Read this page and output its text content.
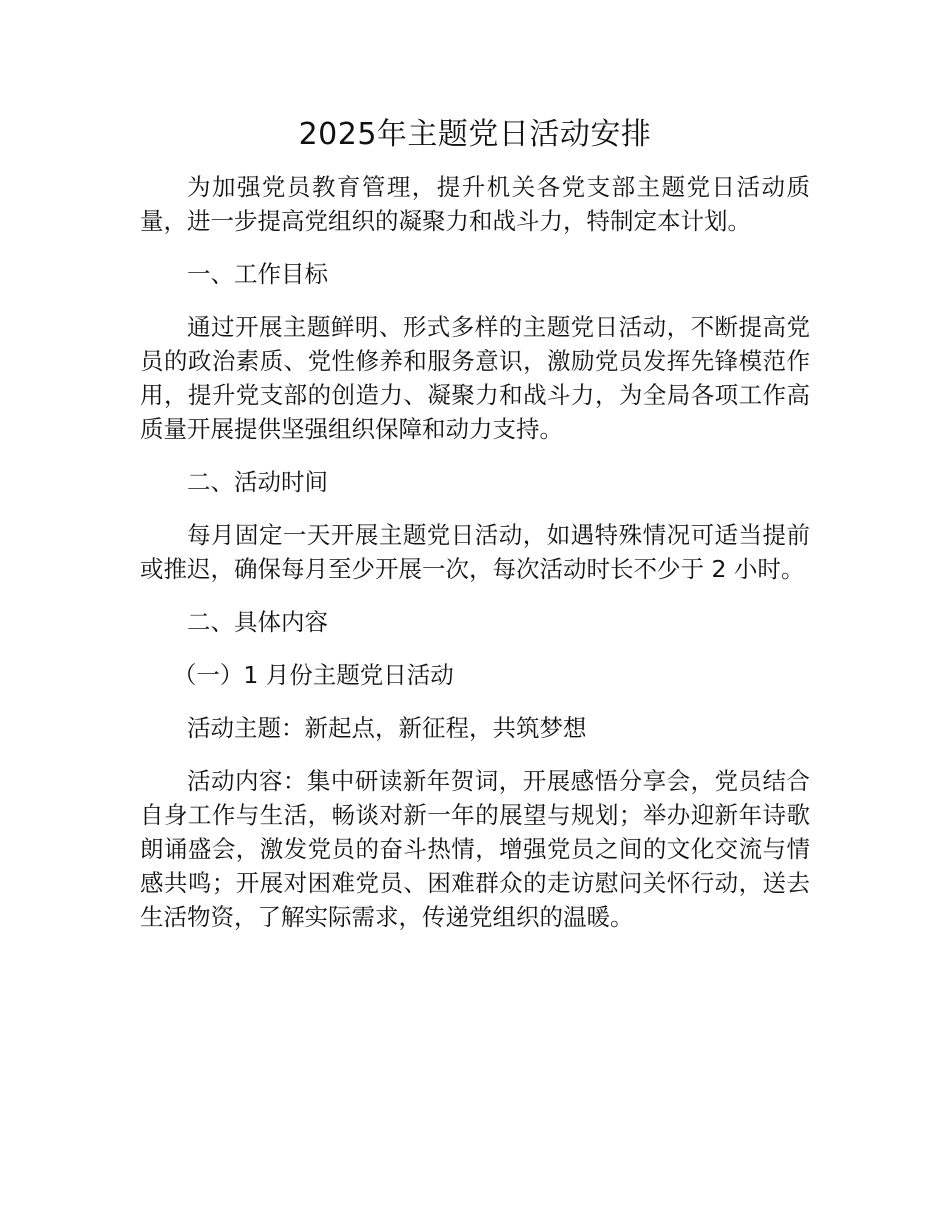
2025年主题党日活动安排

为加强党员教育管理，提升机关各党支部主题党日活动质量，进一步提高党组织的凝聚力和战斗力，特制定本计划。

一、工作目标

通过开展主题鲜明、形式多样的主题党日活动，不断提高党员的政治素质、党性修养和服务意识，激励党员发挥先锋模范作用，提升党支部的创造力、凝聚力和战斗力，为全局各项工作高质量开展提供坚强组织保障和动力支持。

二、活动时间

每月固定一天开展主题党日活动，如遇特殊情况可适当提前或推迟，确保每月至少开展一次，每次活动时长不少于 2 小时。

二、具体内容

（一）1 月份主题党日活动

活动主题：新起点，新征程，共筑梦想

活动内容：集中研读新年贺词，开展感悟分享会，党员结合自身工作与生活，畅谈对新一年的展望与规划；举办迎新年诗歌朗诵盛会，激发党员的奋斗热情，增强党员之间的文化交流与情感共鸣；开展对困难党员、困难群众的走访慰问关怀行动，送去生活物资，了解实际需求，传递党组织的温暖。
